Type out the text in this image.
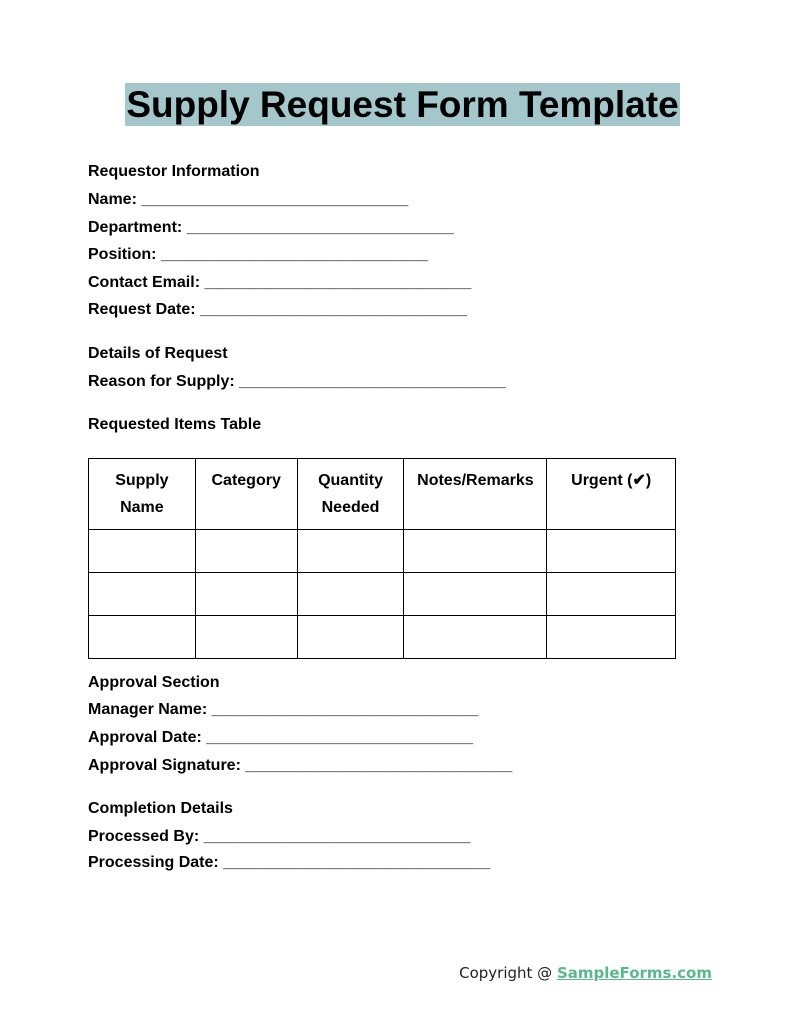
Supply Request Form Template

Requestor Information

Name: ______________________________
Department: ______________________________
Position: ______________________________
Contact Email: ______________________________
Request Date: ______________________________

Details of Request

Reason for Supply: ______________________________

Requested Items Table

Supply Name	Category	Quantity Needed	Notes/Remarks	Urgent (✔)

Approval Section

Manager Name: ______________________________
Approval Date: ______________________________
Approval Signature: ______________________________

Completion Details

Processed By: ______________________________
Processing Date: ______________________________
Copyright @ SampleForms.com
